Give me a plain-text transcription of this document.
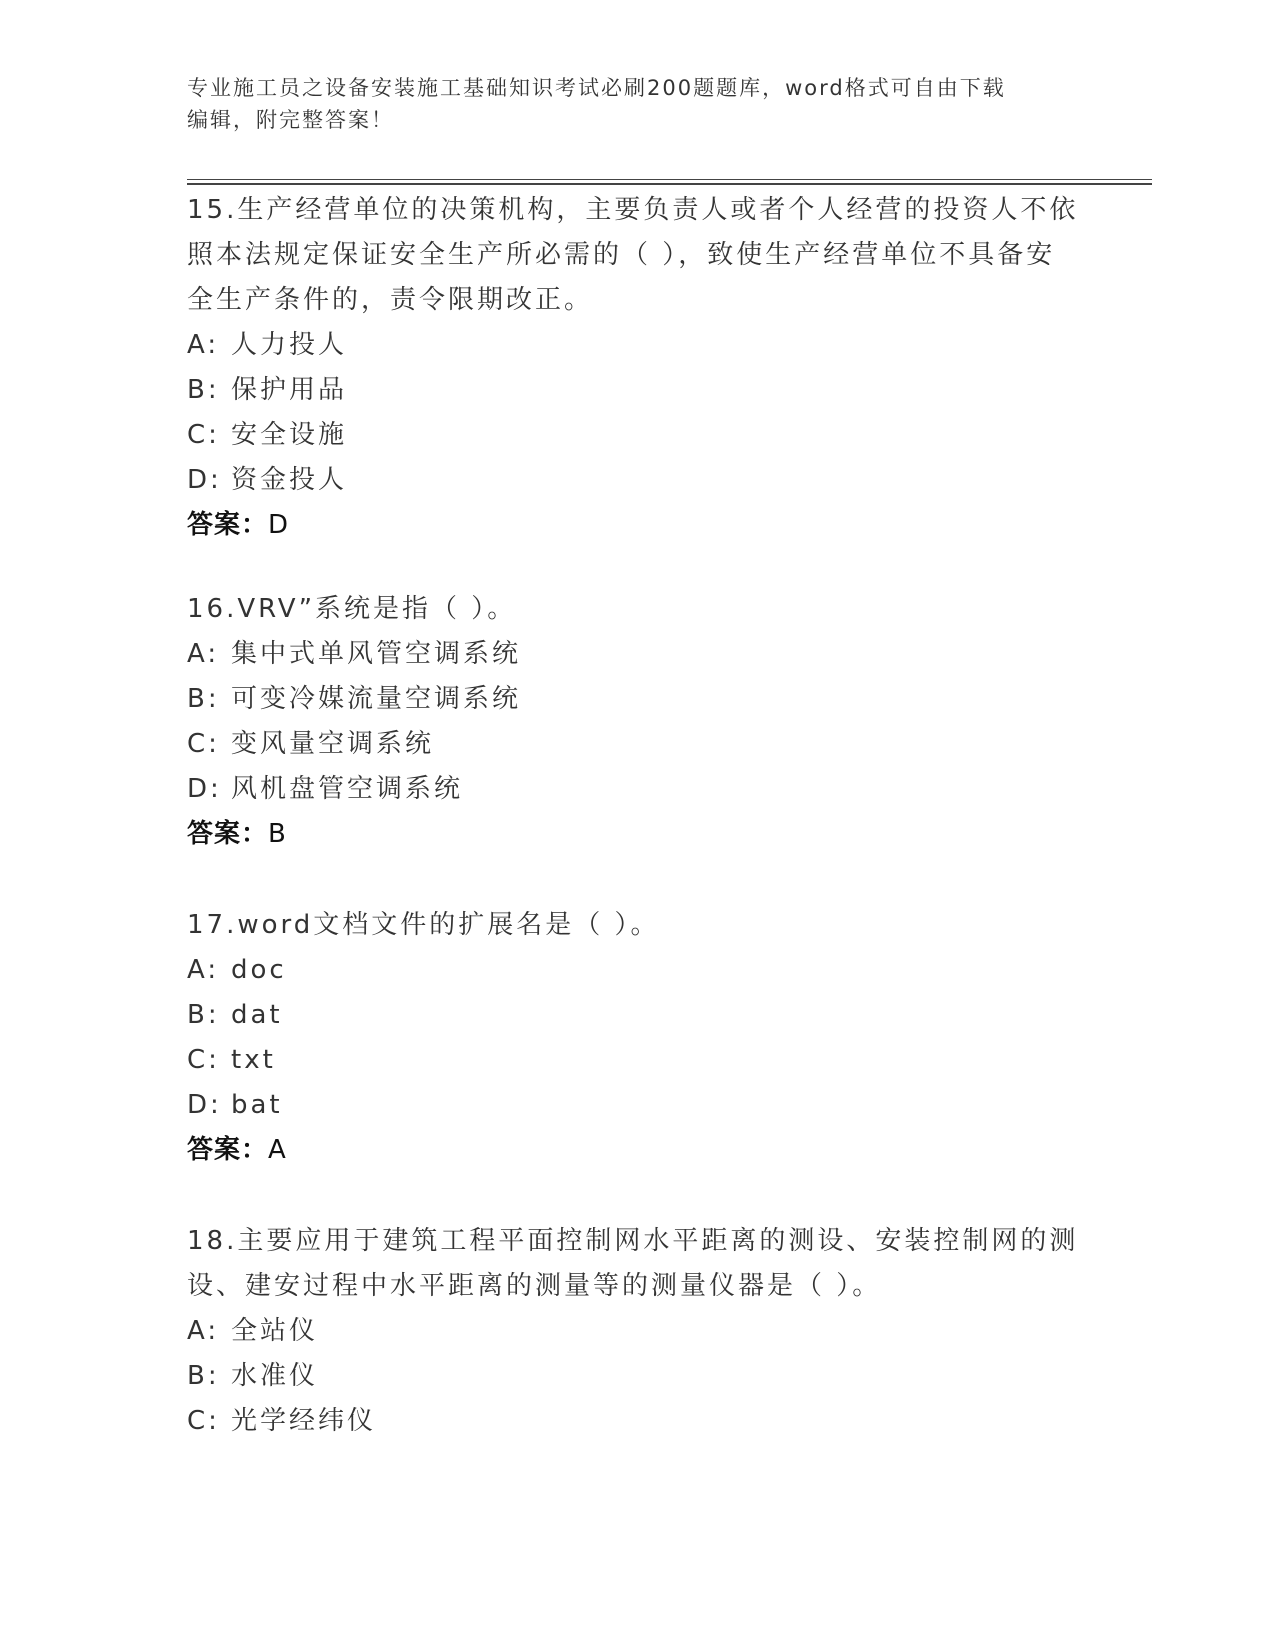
专业施工员之设备安装施工基础知识考试必刷200题题库，word格式可自由下载
编辑，附完整答案！
15.生产经营单位的决策机构，主要负责人或者个人经营的投资人不依
照本法规定保证安全生产所必需的（ ），致使生产经营单位不具备安
全生产条件的，责令限期改正。
A: 人力投人
B: 保护用品
C: 安全设施
D: 资金投人
答案：D
16.VRV”系统是指（ ）。
A: 集中式单风管空调系统
B: 可变冷媒流量空调系统
C: 变风量空调系统
D: 风机盘管空调系统
答案：B
17.word文档文件的扩展名是（ ）。
A: doc
B: dat
C: txt
D: bat
答案：A
18.主要应用于建筑工程平面控制网水平距离的测设、安装控制网的测
设、建安过程中水平距离的测量等的测量仪器是（ ）。
A: 全站仪
B: 水准仪
C: 光学经纬仪
